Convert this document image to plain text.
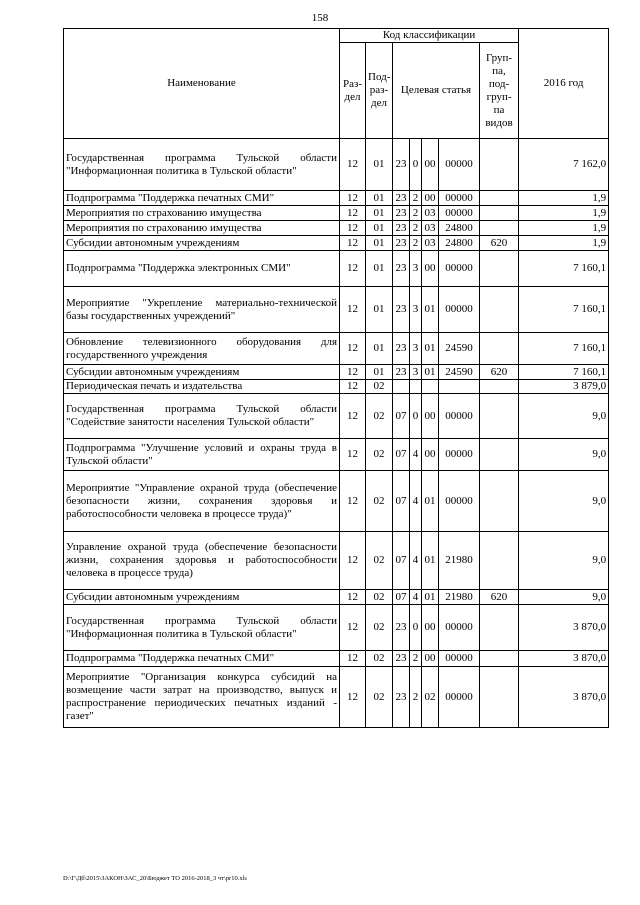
158
Наименование	Код классификации							2016 год
	Раз-дел	Под-раз-дел	Целевая статья				Груп-па, под-груп-па видов	
Государственная программа Тульской области "Информационная политика в Тульской области"	12	01	23	0	00	00000		7 162,0
Подпрограмма "Поддержка печатных СМИ"	12	01	23	2	00	00000		1,9
Мероприятия по страхованию имущества	12	01	23	2	03	00000		1,9
Мероприятия по страхованию имущества	12	01	23	2	03	24800		1,9
Субсидии автономным учреждениям	12	01	23	2	03	24800	620	1,9
Подпрограмма "Поддержка электронных СМИ"	12	01	23	3	00	00000		7 160,1
Мероприятие "Укрепление материально-технической базы государственных учреждений"	12	01	23	3	01	00000		7 160,1
Обновление телевизионного оборудования для государственного учреждения	12	01	23	3	01	24590		7 160,1
Субсидии автономным учреждениям	12	01	23	3	01	24590	620	7 160,1
Периодическая печать и издательства	12	02						3 879,0
Государственная программа Тульской области "Содействие занятости населения Тульской области"	12	02	07	0	00	00000		9,0
Подпрограмма "Улучшение условий и охраны труда в Тульской области"	12	02	07	4	00	00000		9,0
Мероприятие "Управление охраной труда (обеспечение безопасности жизни, сохранения здоровья и работоспособности человека в процессе труда)"	12	02	07	4	01	00000		9,0
Управление охраной труда (обеспечение безопасности жизни, сохранения здоровья и работоспособности человека в процессе труда)	12	02	07	4	01	21980		9,0
Субсидии автономным учреждениям	12	02	07	4	01	21980	620	9,0
Государственная программа Тульской области "Информационная политика в Тульской области"	12	02	23	0	00	00000		3 870,0
Подпрограмма "Поддержка печатных СМИ"	12	02	23	2	00	00000		3 870,0
Мероприятие "Организация конкурса субсидий на возмещение части затрат на производство, выпуск и распространение периодических печатных изданий - газет"	12	02	23	2	02	00000		3 870,0
D:\Г\Дб\2015\ЗАКОН\ЗАС_20\Бюджет ТО 2016-2018_3 чт\pr10.xls
